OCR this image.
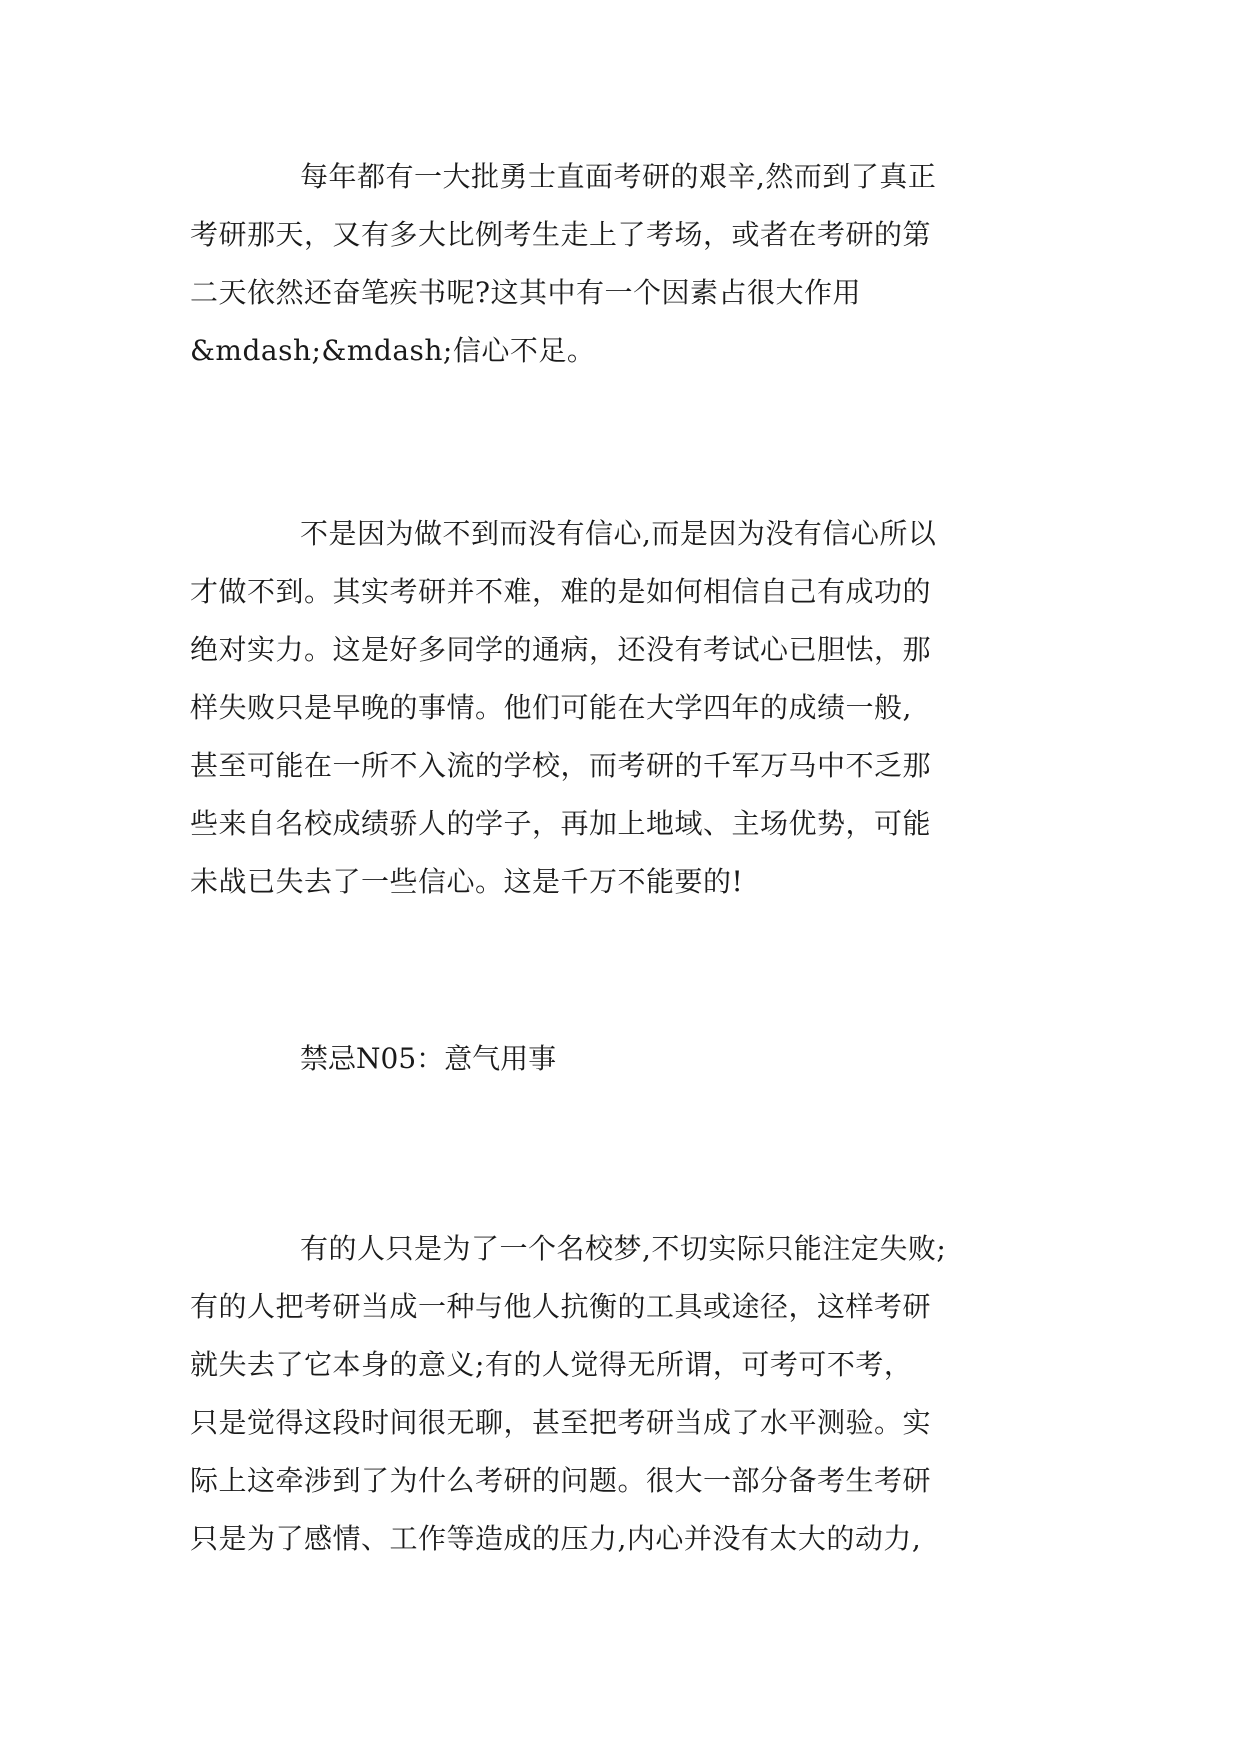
每年都有一大批勇士直面考研的艰辛,然而到了真正
考研那天，又有多大比例考生走上了考场，或者在考研的第
二天依然还奋笔疾书呢?这其中有一个因素占很大作用
&mdash;&mdash;信心不足。
不是因为做不到而没有信心,而是因为没有信心所以
才做不到。其实考研并不难，难的是如何相信自己有成功的
绝对实力。这是好多同学的通病，还没有考试心已胆怯，那
样失败只是早晚的事情。他们可能在大学四年的成绩一般,
甚至可能在一所不入流的学校，而考研的千军万马中不乏那
些来自名校成绩骄人的学子，再加上地域、主场优势，可能
未战已失去了一些信心。这是千万不能要的!
禁忌N05：意气用事
有的人只是为了一个名校梦,不切实际只能注定失败;
有的人把考研当成一种与他人抗衡的工具或途径，这样考研
就失去了它本身的意义;有的人觉得无所谓，可考可不考，
只是觉得这段时间很无聊，甚至把考研当成了水平测验。实
际上这牵涉到了为什么考研的问题。很大一部分备考生考研
只是为了感情、工作等造成的压力,内心并没有太大的动力,
